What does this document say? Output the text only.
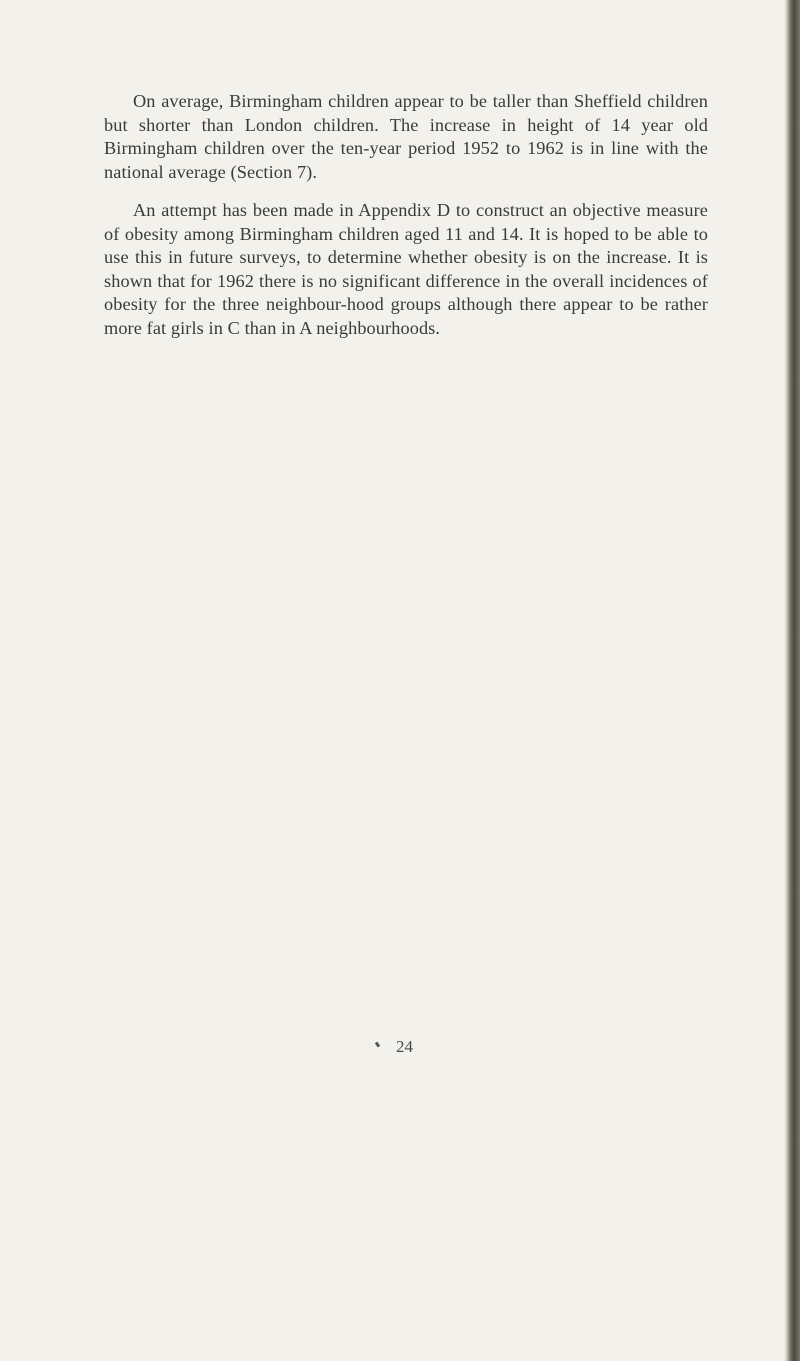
On average, Birmingham children appear to be taller than Sheffield children but shorter than London children. The increase in height of 14 year old Birmingham children over the ten-year period 1952 to 1962 is in line with the national average (Section 7).

An attempt has been made in Appendix D to construct an objective measure of obesity among Birmingham children aged 11 and 14. It is hoped to be able to use this in future surveys, to determine whether obesity is on the increase. It is shown that for 1962 there is no significant difference in the overall incidences of obesity for the three neighbour-hood groups although there appear to be rather more fat girls in C than in A neighbourhoods.

24
